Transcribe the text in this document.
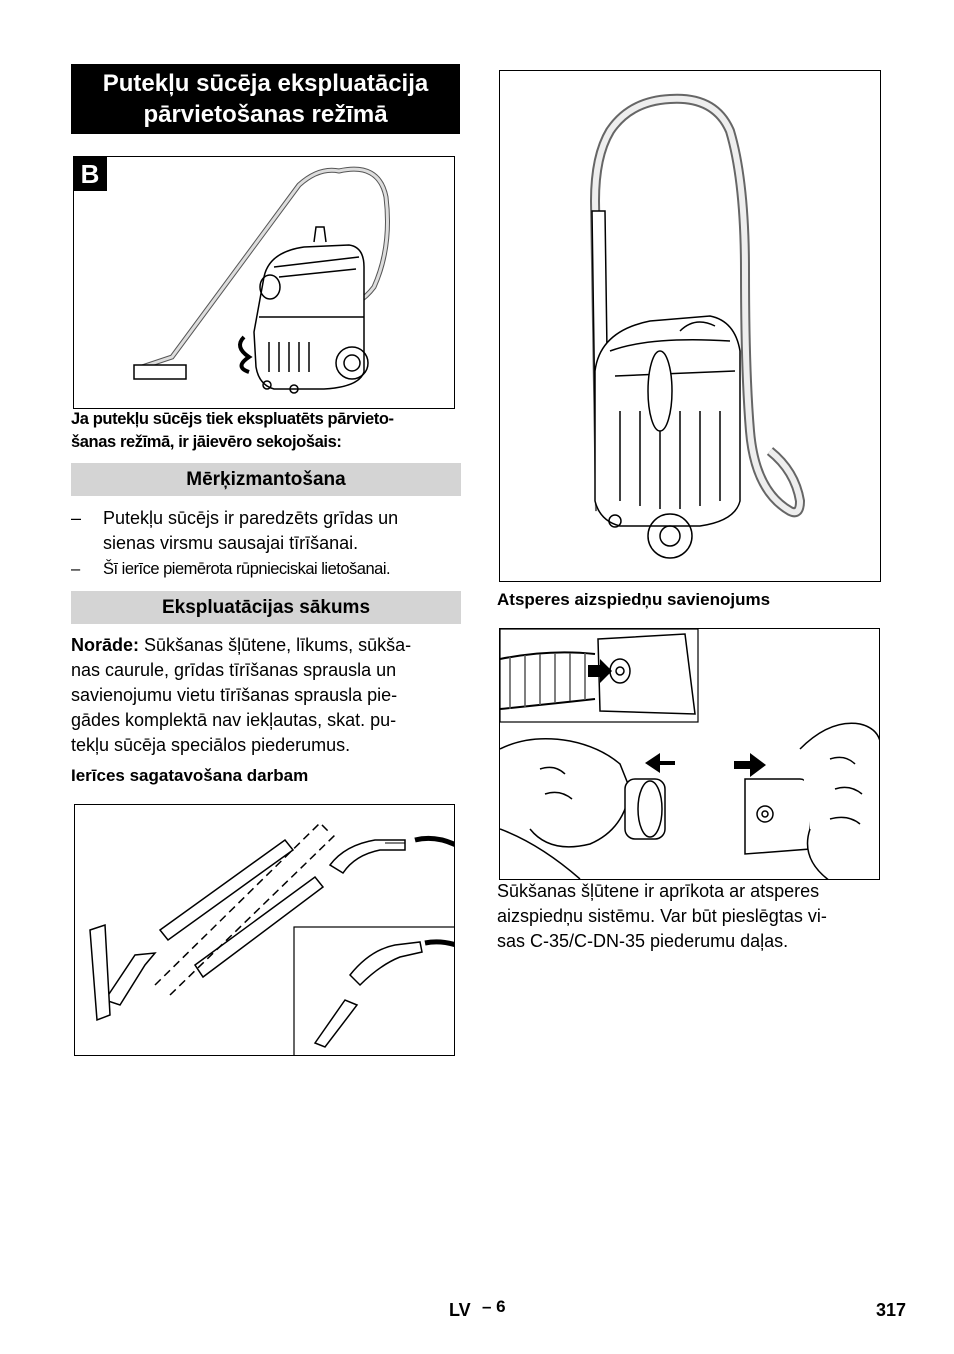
Putekļu sūcēja ekspluatācija
pārvietošanas režīmā
B
Ja putekļu sūcējs tiek ekspluatēts pārvieto-
šanas režīmā, ir jāievēro sekojošais:
Mērķizmantošana
– Putekļu sūcējs ir paredzēts grīdas un
sienas virsmu sausajai tīrīšanai.
– Šī ierīce piemērota rūpnieciskai lietošanai.
Ekspluatācijas sākums
Norāde: Sūkšanas šļūtene, līkums, sūkša-
nas caurule, grīdas tīrīšanas sprausla un
savienojumu vietu tīrīšanas sprausla pie-
gādes komplektā nav iekļautas, skat. pu-
tekļu sūcēja speciālos piederumus.
Ierīces sagatavošana darbam
Atsperes aizspiedņu savienojums
Sūkšanas šļūtene ir aprīkota ar atsperes
aizspiedņu sistēmu. Var būt pieslēgtas vi-
sas C-35/C-DN-35 piederumu daļas.
LV – 6	317
